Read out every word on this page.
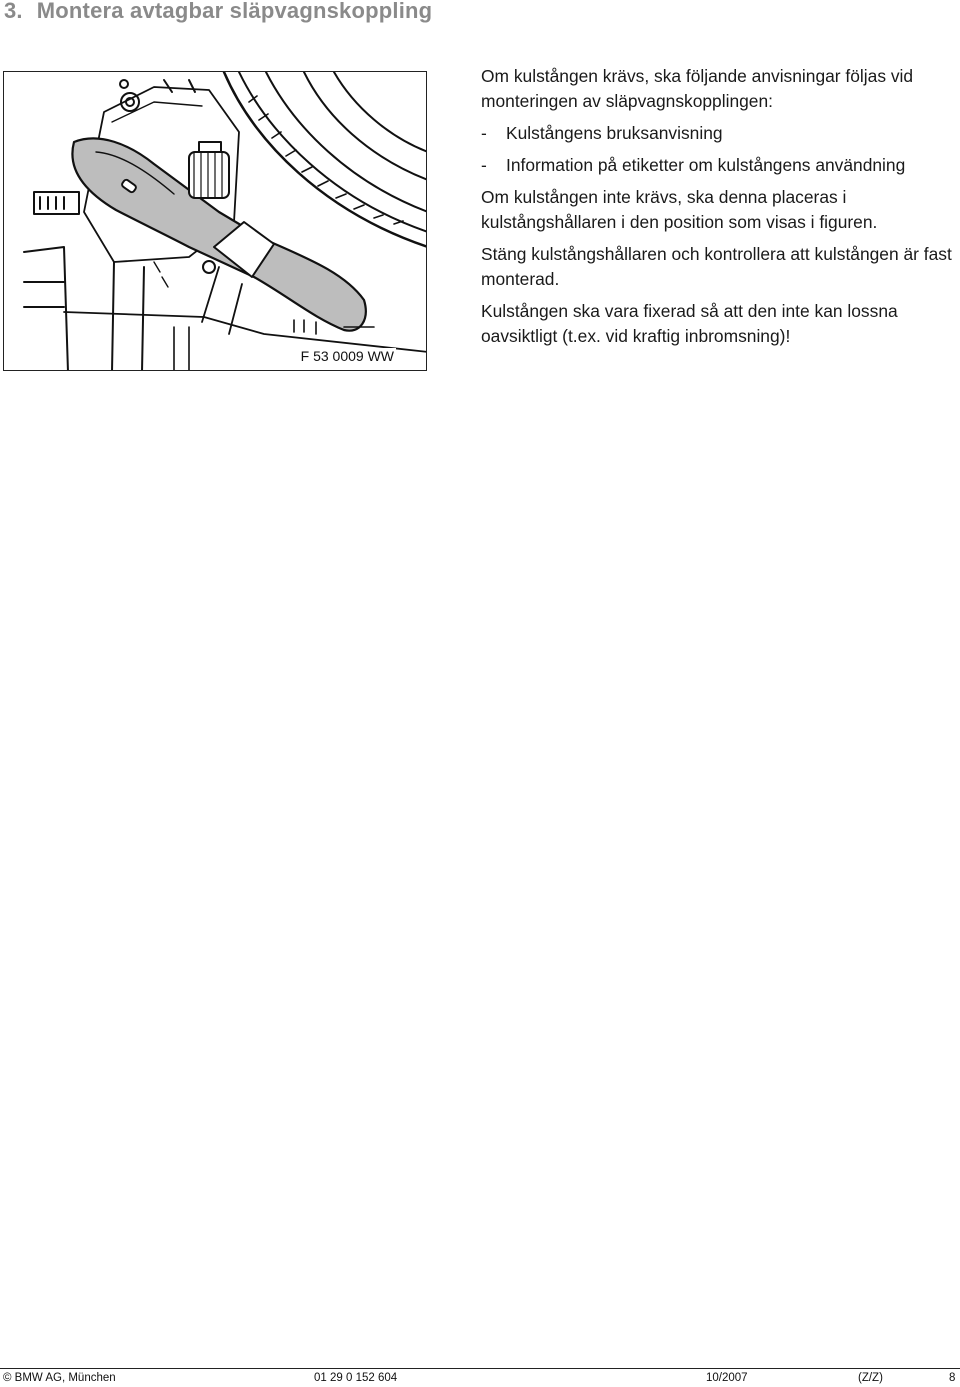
3. Montera avtagbar släpvagnskoppling
F 53 0009 WW

Om kulstången krävs, ska följande anvisningar följas vid monteringen av släpvagnskopplingen:

-	Kulstångens bruksanvisning
-	Information på etiketter om kulstångens användning

Om kulstången inte krävs, ska denna placeras i kulstångshållaren i den position som visas i figuren.

Stäng kulstångshållaren och kontrollera att kulstången är fast monterad.

Kulstången ska vara fixerad så att den inte kan lossna oavsiktligt (t.ex. vid kraftig inbromsning)!

© BMW AG, München	01 29 0 152 604	10/2007	(Z/Z)	8
